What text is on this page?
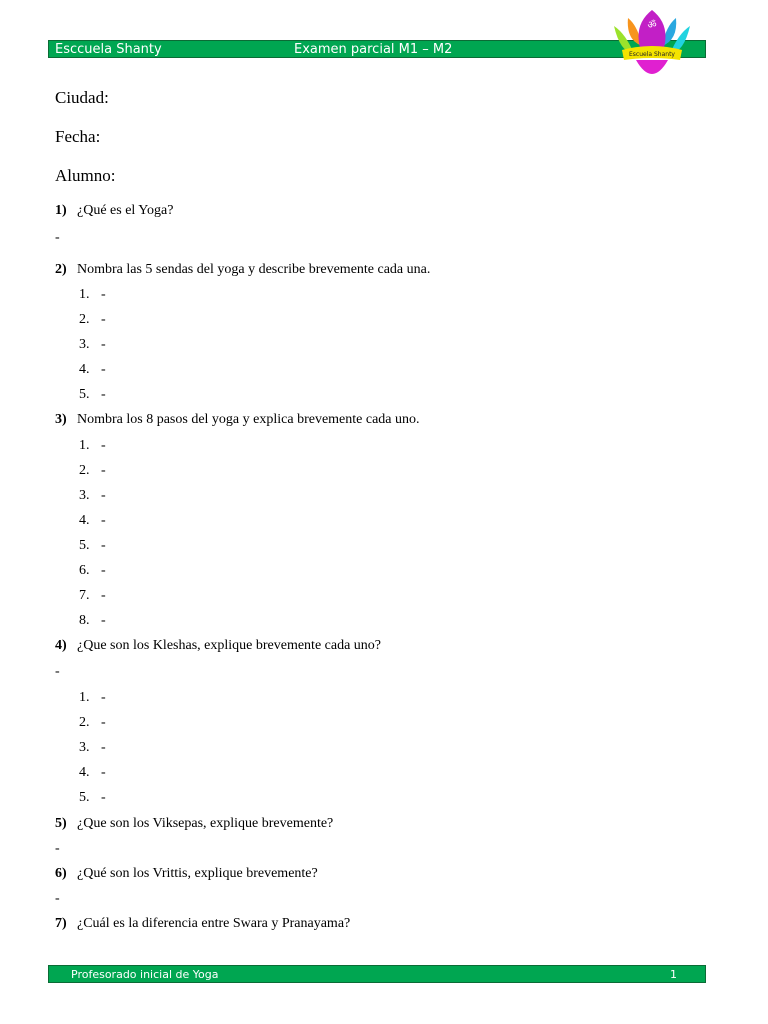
Esccuela Shanty	Examen parcial M1 – M2	Escuela Shanty
ॐ
Ciudad:
Fecha:
Alumno:
1) ¿Qué es el Yoga?
-
2) Nombra las 5 sendas del yoga y describe brevemente cada una.
1. -
2. -
3. -
4. -
5. -
3) Nombra los 8 pasos del yoga y explica brevemente cada uno.
1. -
2. -
3. -
4. -
5. -
6. -
7. -
8. -
4) ¿Que son los Kleshas, explique brevemente cada uno?
-
1. -
2. -
3. -
4. -
5. -
5) ¿Que son los Viksepas, explique brevemente?
-
6) ¿Qué son los Vrittis, explique brevemente?
-
7) ¿Cuál es la diferencia entre Swara y Pranayama?
Profesorado inicial de Yoga	1
